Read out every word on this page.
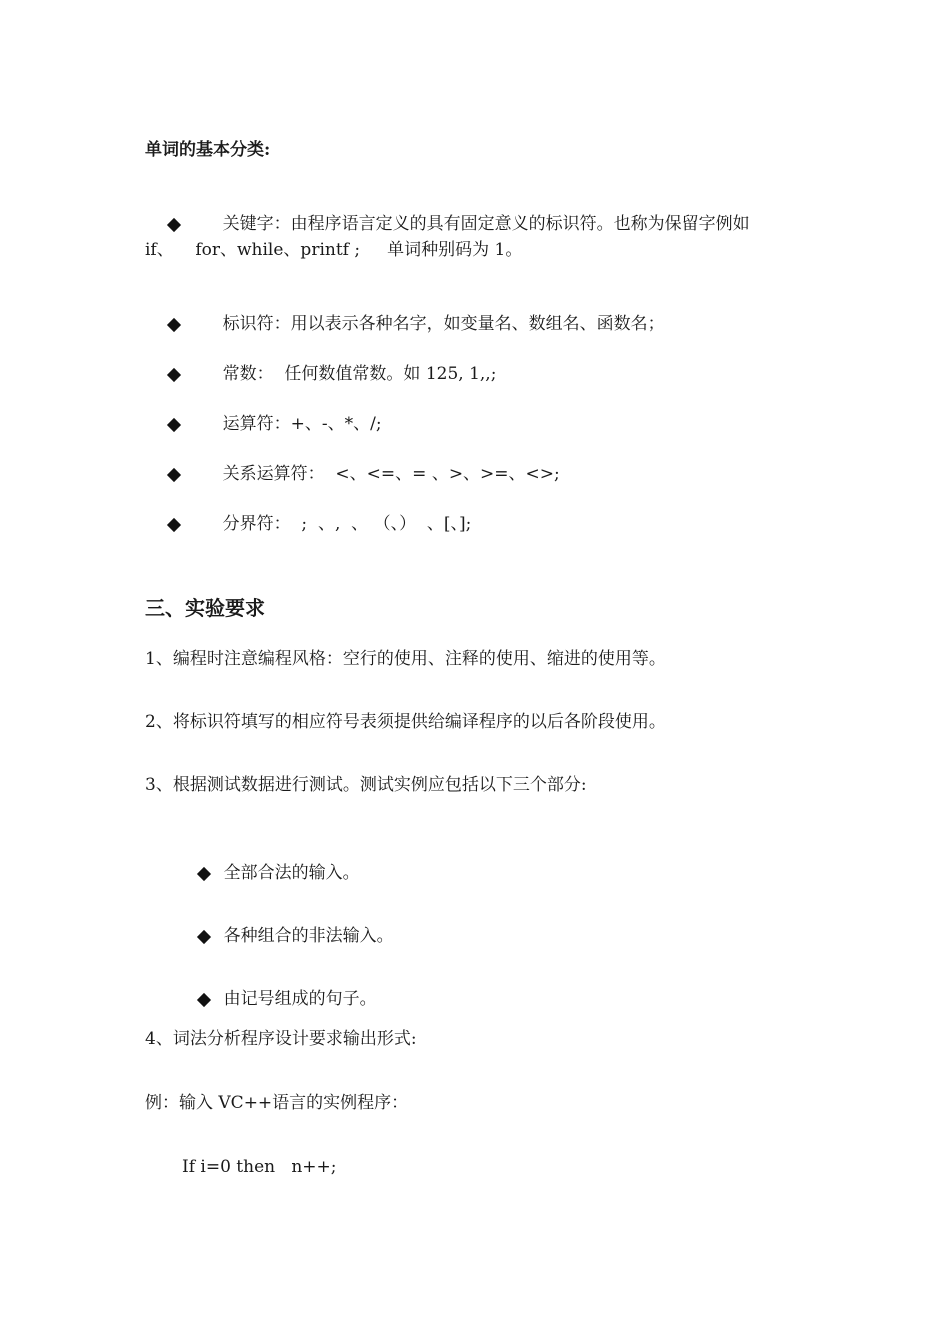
单词的基本分类:

关键字：由程序语言定义的具有固定意义的标识符。也称为保留字例如

if、    for、while、printf ;     单词种别码为 1。

标识符：用以表示各种名字，如变量名、数组名、函数名；

常数：  任何数值常数。如 125, 1,,;

运算符：+、-、*、/;

关系运算符：  <、<=、= 、>、>=、<>;

分界符：  ;  、,  、 （、）  、[、];

三、实验要求
1、编程时注意编程风格：空行的使用、注释的使用、缩进的使用等。
2、将标识符填写的相应符号表须提供给编译程序的以后各阶段使用。
3、根据测试数据进行测试。测试实例应包括以下三个部分:

全部合法的输入。

各种组合的非法输入。

由记号组成的句子。

4、词法分析程序设计要求输出形式:
例：输入 VC++语言的实例程序：
If i=0 then   n++;
